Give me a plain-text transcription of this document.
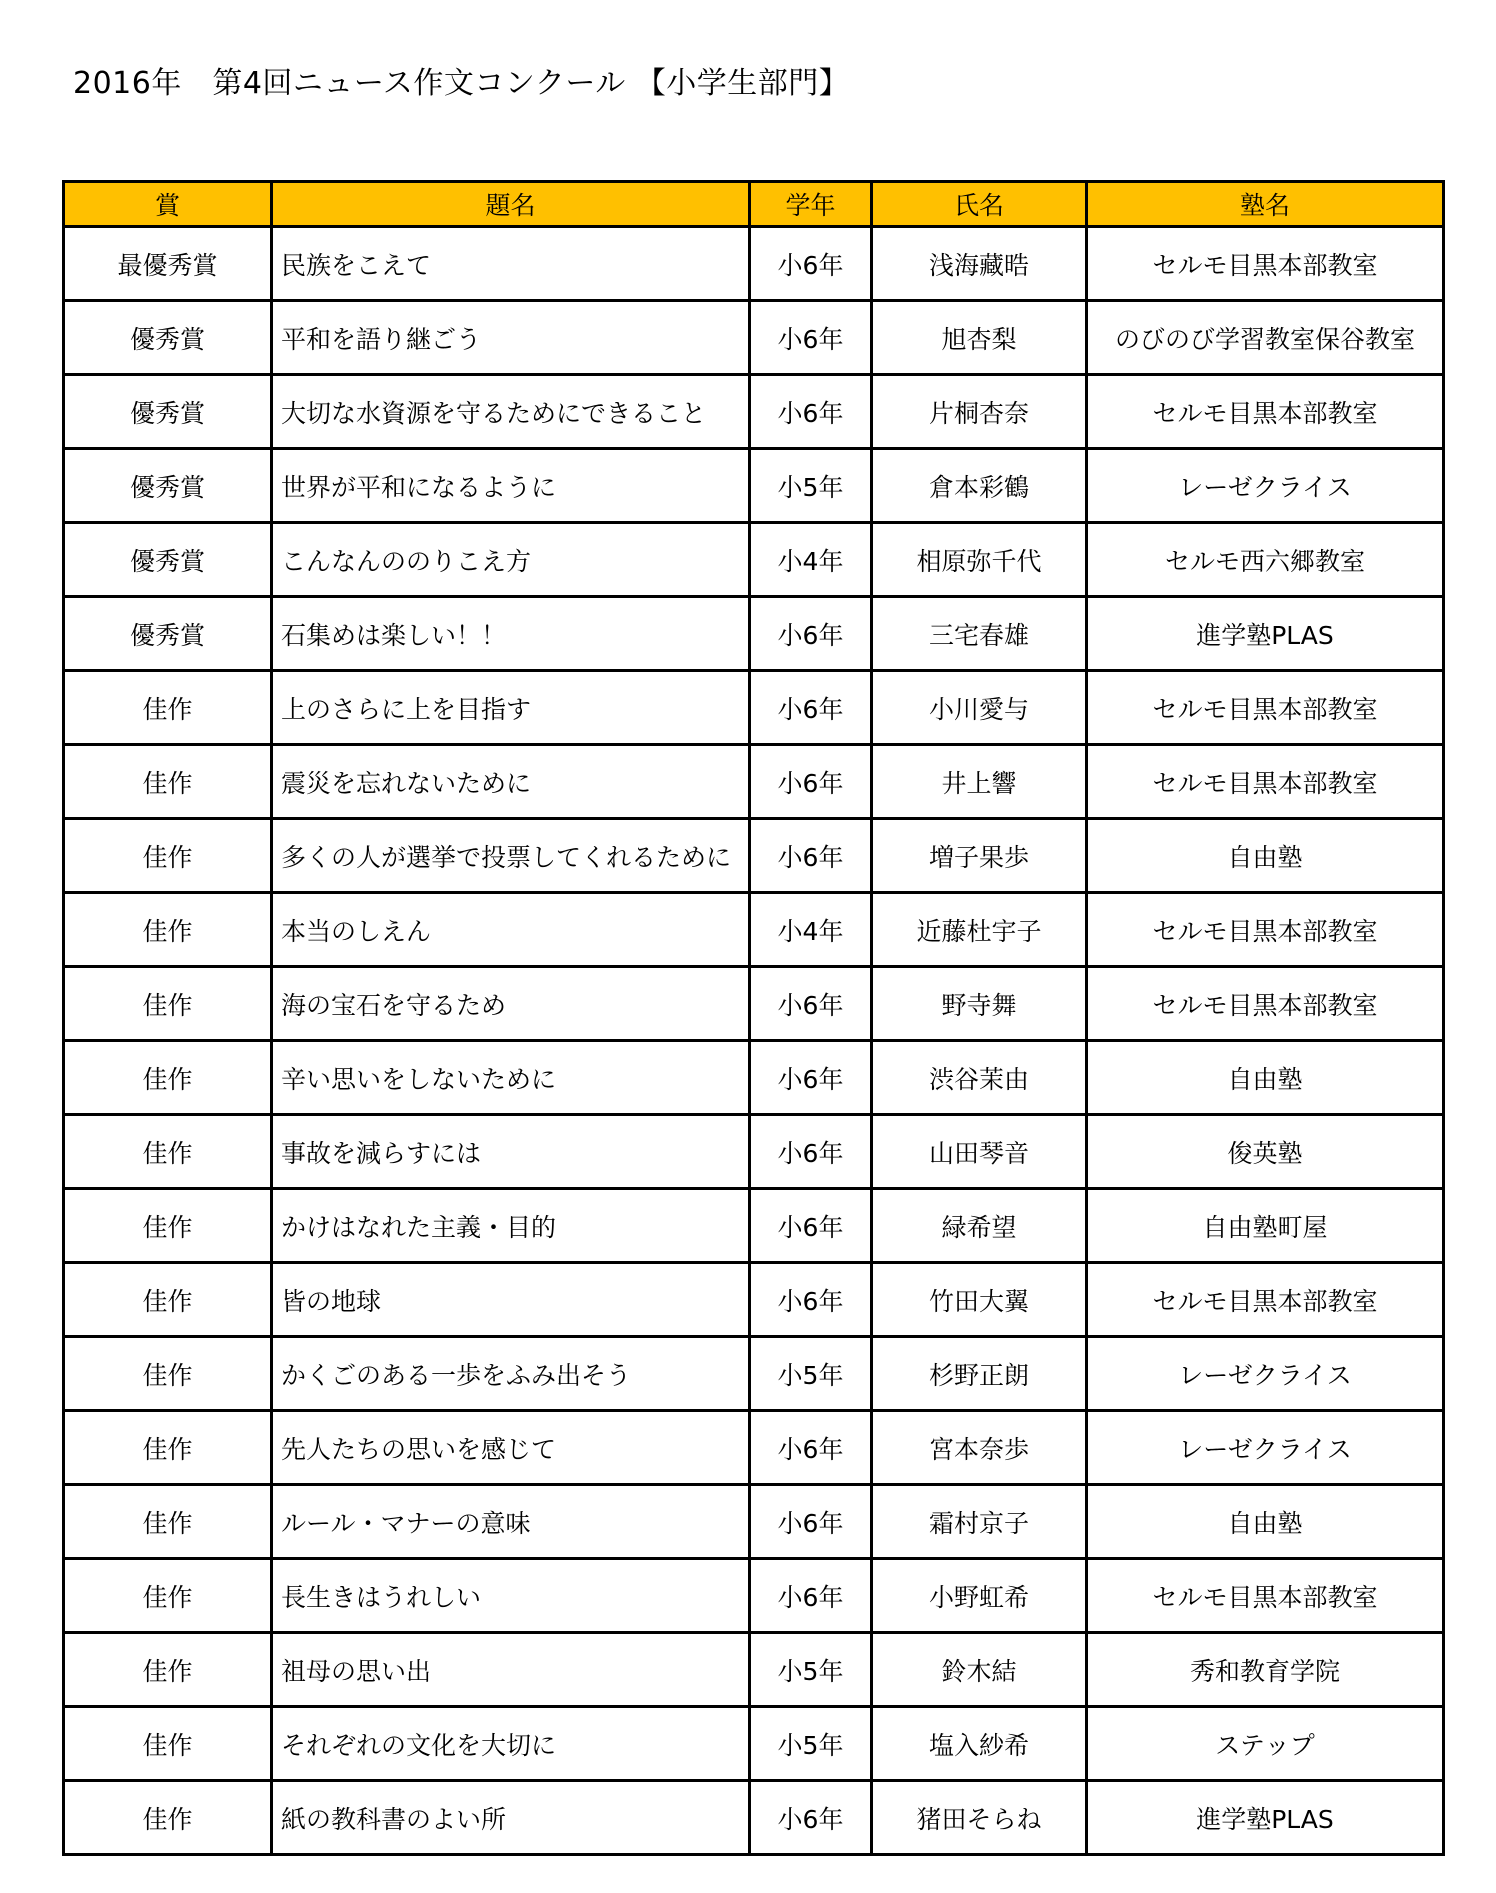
2016年　第4回ニュース作文コンクール 【小学生部門】
賞	題名	学年	氏名	塾名
最優秀賞	民族をこえて	小6年	浅海藏晧	セルモ目黒本部教室
優秀賞	平和を語り継ごう	小6年	旭杏梨	のびのび学習教室保谷教室
優秀賞	大切な水資源を守るためにできること	小6年	片桐杏奈	セルモ目黒本部教室
優秀賞	世界が平和になるように	小5年	倉本彩鶴	レーゼクライス
優秀賞	こんなんののりこえ方	小4年	相原弥千代	セルモ西六郷教室
優秀賞	石集めは楽しい！！	小6年	三宅春雄	進学塾PLAS
佳作	上のさらに上を目指す	小6年	小川愛与	セルモ目黒本部教室
佳作	震災を忘れないために	小6年	井上響	セルモ目黒本部教室
佳作	多くの人が選挙で投票してくれるために	小6年	増子果歩	自由塾
佳作	本当のしえん	小4年	近藤杜宇子	セルモ目黒本部教室
佳作	海の宝石を守るため	小6年	野寺舞	セルモ目黒本部教室
佳作	辛い思いをしないために	小6年	渋谷茉由	自由塾
佳作	事故を減らすには	小6年	山田琴音	俊英塾
佳作	かけはなれた主義・目的	小6年	緑希望	自由塾町屋
佳作	皆の地球	小6年	竹田大翼	セルモ目黒本部教室
佳作	かくごのある一歩をふみ出そう	小5年	杉野正朗	レーゼクライス
佳作	先人たちの思いを感じて	小6年	宮本奈歩	レーゼクライス
佳作	ルール・マナーの意味	小6年	霜村京子	自由塾
佳作	長生きはうれしい	小6年	小野虹希	セルモ目黒本部教室
佳作	祖母の思い出	小5年	鈴木結	秀和教育学院
佳作	それぞれの文化を大切に	小5年	塩入紗希	ステップ
佳作	紙の教科書のよい所	小6年	猪田そらね	進学塾PLAS
